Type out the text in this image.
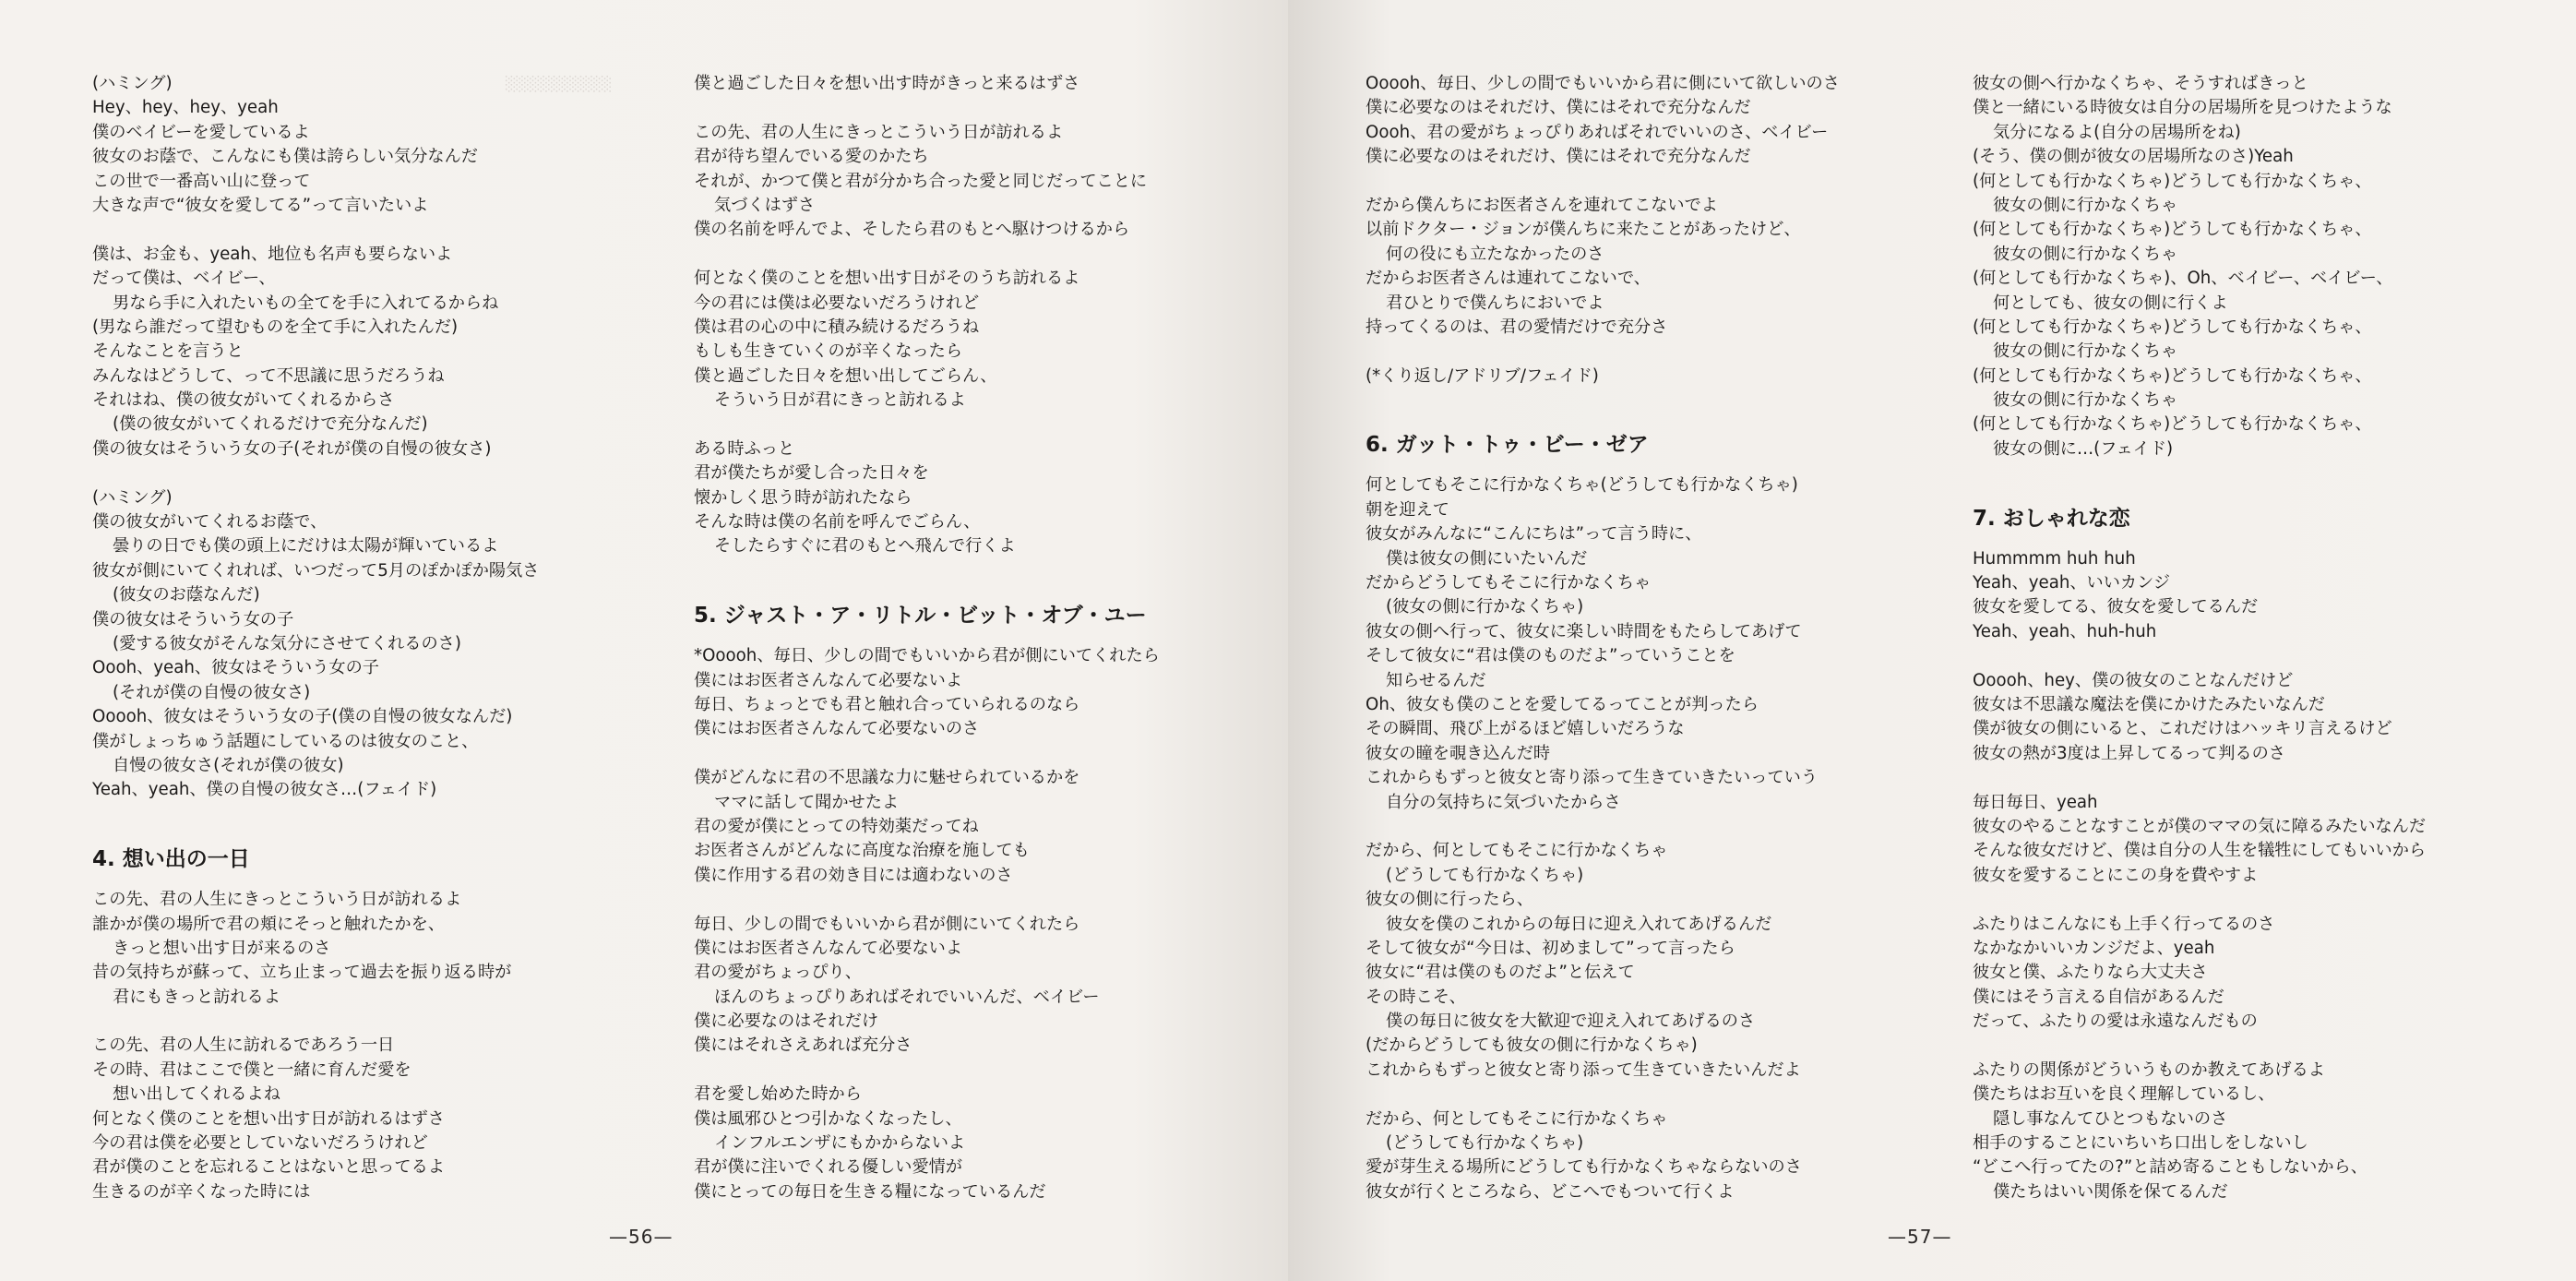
░░░░░░░░░░
(ハミング)
Hey、hey、hey、yeah
僕のベイビーを愛しているよ
彼女のお蔭で、こんなにも僕は誇らしい気分なんだ
この世で一番高い山に登って
大きな声で“彼女を愛してる”って言いたいよ
僕は、お金も、yeah、地位も名声も要らないよ
だって僕は、ベイビー、
男なら手に入れたいもの全てを手に入れてるからね
(男なら誰だって望むものを全て手に入れたんだ)
そんなことを言うと
みんなはどうして、って不思議に思うだろうね
それはね、僕の彼女がいてくれるからさ
(僕の彼女がいてくれるだけで充分なんだ)
僕の彼女はそういう女の子(それが僕の自慢の彼女さ)
(ハミング)
僕の彼女がいてくれるお蔭で、
曇りの日でも僕の頭上にだけは太陽が輝いているよ
彼女が側にいてくれれば、いつだって5月のぽかぽか陽気さ
(彼女のお蔭なんだ)
僕の彼女はそういう女の子
(愛する彼女がそんな気分にさせてくれるのさ)
Oooh、yeah、彼女はそういう女の子
(それが僕の自慢の彼女さ)
Ooooh、彼女はそういう女の子(僕の自慢の彼女なんだ)
僕がしょっちゅう話題にしているのは彼女のこと、
自慢の彼女さ(それが僕の彼女)
Yeah、yeah、僕の自慢の彼女さ…(フェイド)
4. 想い出の一日
この先、君の人生にきっとこういう日が訪れるよ
誰かが僕の場所で君の頬にそっと触れたかを、
きっと想い出す日が来るのさ
昔の気持ちが蘇って、立ち止まって過去を振り返る時が
君にもきっと訪れるよ
この先、君の人生に訪れるであろう一日
その時、君はここで僕と一緒に育んだ愛を
想い出してくれるよね
何となく僕のことを想い出す日が訪れるはずさ
今の君は僕を必要としていないだろうけれど
君が僕のことを忘れることはないと思ってるよ
生きるのが辛くなった時には
僕と過ごした日々を想い出す時がきっと来るはずさ
この先、君の人生にきっとこういう日が訪れるよ
君が待ち望んでいる愛のかたち
それが、かつて僕と君が分かち合った愛と同じだってことに
気づくはずさ
僕の名前を呼んでよ、そしたら君のもとへ駆けつけるから
何となく僕のことを想い出す日がそのうち訪れるよ
今の君には僕は必要ないだろうけれど
僕は君の心の中に積み続けるだろうね
もしも生きていくのが辛くなったら
僕と過ごした日々を想い出してごらん、
そういう日が君にきっと訪れるよ
ある時ふっと
君が僕たちが愛し合った日々を
懐かしく思う時が訪れたなら
そんな時は僕の名前を呼んでごらん、
そしたらすぐに君のもとへ飛んで行くよ
5. ジャスト・ア・リトル・ビット・オブ・ユー
*Ooooh、毎日、少しの間でもいいから君が側にいてくれたら
僕にはお医者さんなんて必要ないよ
毎日、ちょっとでも君と触れ合っていられるのなら
僕にはお医者さんなんて必要ないのさ
僕がどんなに君の不思議な力に魅せられているかを
ママに話して聞かせたよ
君の愛が僕にとっての特効薬だってね
お医者さんがどんなに高度な治療を施しても
僕に作用する君の効き目には適わないのさ
毎日、少しの間でもいいから君が側にいてくれたら
僕にはお医者さんなんて必要ないよ
君の愛がちょっぴり、
ほんのちょっぴりあればそれでいいんだ、ベイビー
僕に必要なのはそれだけ
僕にはそれさえあれば充分さ
君を愛し始めた時から
僕は風邪ひとつ引かなくなったし、
インフルエンザにもかからないよ
君が僕に注いでくれる優しい愛情が
僕にとっての毎日を生きる糧になっているんだ
—56—
Ooooh、毎日、少しの間でもいいから君に側にいて欲しいのさ
僕に必要なのはそれだけ、僕にはそれで充分なんだ
Oooh、君の愛がちょっぴりあればそれでいいのさ、ベイビー
僕に必要なのはそれだけ、僕にはそれで充分なんだ
だから僕んちにお医者さんを連れてこないでよ
以前ドクター・ジョンが僕んちに来たことがあったけど、
何の役にも立たなかったのさ
だからお医者さんは連れてこないで、
君ひとりで僕んちにおいでよ
持ってくるのは、君の愛情だけで充分さ
(*くり返し/アドリブ/フェイド)
6. ガット・トゥ・ビー・ゼア
何としてもそこに行かなくちゃ(どうしても行かなくちゃ)
朝を迎えて
彼女がみんなに“こんにちは”って言う時に、
僕は彼女の側にいたいんだ
だからどうしてもそこに行かなくちゃ
(彼女の側に行かなくちゃ)
彼女の側へ行って、彼女に楽しい時間をもたらしてあげて
そして彼女に“君は僕のものだよ”っていうことを
知らせるんだ
Oh、彼女も僕のことを愛してるってことが判ったら
その瞬間、飛び上がるほど嬉しいだろうな
彼女の瞳を覗き込んだ時
これからもずっと彼女と寄り添って生きていきたいっていう
自分の気持ちに気づいたからさ
だから、何としてもそこに行かなくちゃ
(どうしても行かなくちゃ)
彼女の側に行ったら、
彼女を僕のこれからの毎日に迎え入れてあげるんだ
そして彼女が“今日は、初めまして”って言ったら
彼女に“君は僕のものだよ”と伝えて
その時こそ、
僕の毎日に彼女を大歓迎で迎え入れてあげるのさ
(だからどうしても彼女の側に行かなくちゃ)
これからもずっと彼女と寄り添って生きていきたいんだよ
だから、何としてもそこに行かなくちゃ
(どうしても行かなくちゃ)
愛が芽生える場所にどうしても行かなくちゃならないのさ
彼女が行くところなら、どこへでもついて行くよ
彼女の側へ行かなくちゃ、そうすればきっと
僕と一緒にいる時彼女は自分の居場所を見つけたような
気分になるよ(自分の居場所をね)
(そう、僕の側が彼女の居場所なのさ)Yeah
(何としても行かなくちゃ)どうしても行かなくちゃ、
彼女の側に行かなくちゃ
(何としても行かなくちゃ)どうしても行かなくちゃ、
彼女の側に行かなくちゃ
(何としても行かなくちゃ)、Oh、ベイビー、ベイビー、
何としても、彼女の側に行くよ
(何としても行かなくちゃ)どうしても行かなくちゃ、
彼女の側に行かなくちゃ
(何としても行かなくちゃ)どうしても行かなくちゃ、
彼女の側に行かなくちゃ
(何としても行かなくちゃ)どうしても行かなくちゃ、
彼女の側に…(フェイド)
7. おしゃれな恋
Hummmm huh huh
Yeah、yeah、いいカンジ
彼女を愛してる、彼女を愛してるんだ
Yeah、yeah、huh-huh
Ooooh、hey、僕の彼女のことなんだけど
彼女は不思議な魔法を僕にかけたみたいなんだ
僕が彼女の側にいると、これだけはハッキリ言えるけど
彼女の熱が3度は上昇してるって判るのさ
毎日毎日、yeah
彼女のやることなすことが僕のママの気に障るみたいなんだ
そんな彼女だけど、僕は自分の人生を犠牲にしてもいいから
彼女を愛することにこの身を費やすよ
ふたりはこんなにも上手く行ってるのさ
なかなかいいカンジだよ、yeah
彼女と僕、ふたりなら大丈夫さ
僕にはそう言える自信があるんだ
だって、ふたりの愛は永遠なんだもの
ふたりの関係がどういうものか教えてあげるよ
僕たちはお互いを良く理解しているし、
隠し事なんてひとつもないのさ
相手のすることにいちいち口出しをしないし
“どこへ行ってたの?”と詰め寄ることもしないから、
僕たちはいい関係を保てるんだ
—57—
